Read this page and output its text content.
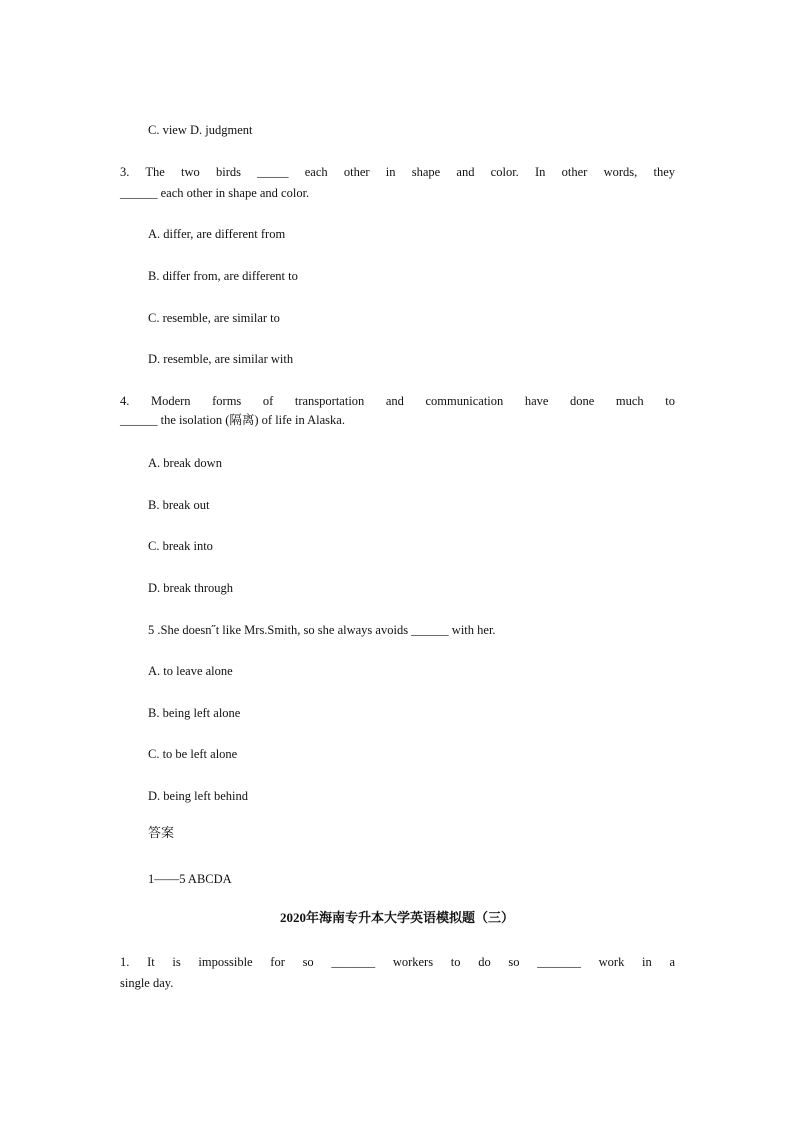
C. view D. judgment
3. The two birds _____ each other in shape and color. In other words, they
______ each other in shape and color.
A. differ, are different from
B. differ from, are different to
C. resemble, are similar to
D. resemble, are similar with
4. Modern forms of transportation and communication have done much to
______ the isolation (隔离) of life in Alaska.
A. break down
B. break out
C. break into
D. break through
5 .She doesn˝t like Mrs.Smith, so she always avoids ______ with her.
A. to leave alone
B. being left alone
C. to be left alone
D. being left behind
答案
1——5 ABCDA
2020年海南专升本大学英语模拟题（三）
1. It is impossible for so _______ workers to do so _______ work in a
single day.
